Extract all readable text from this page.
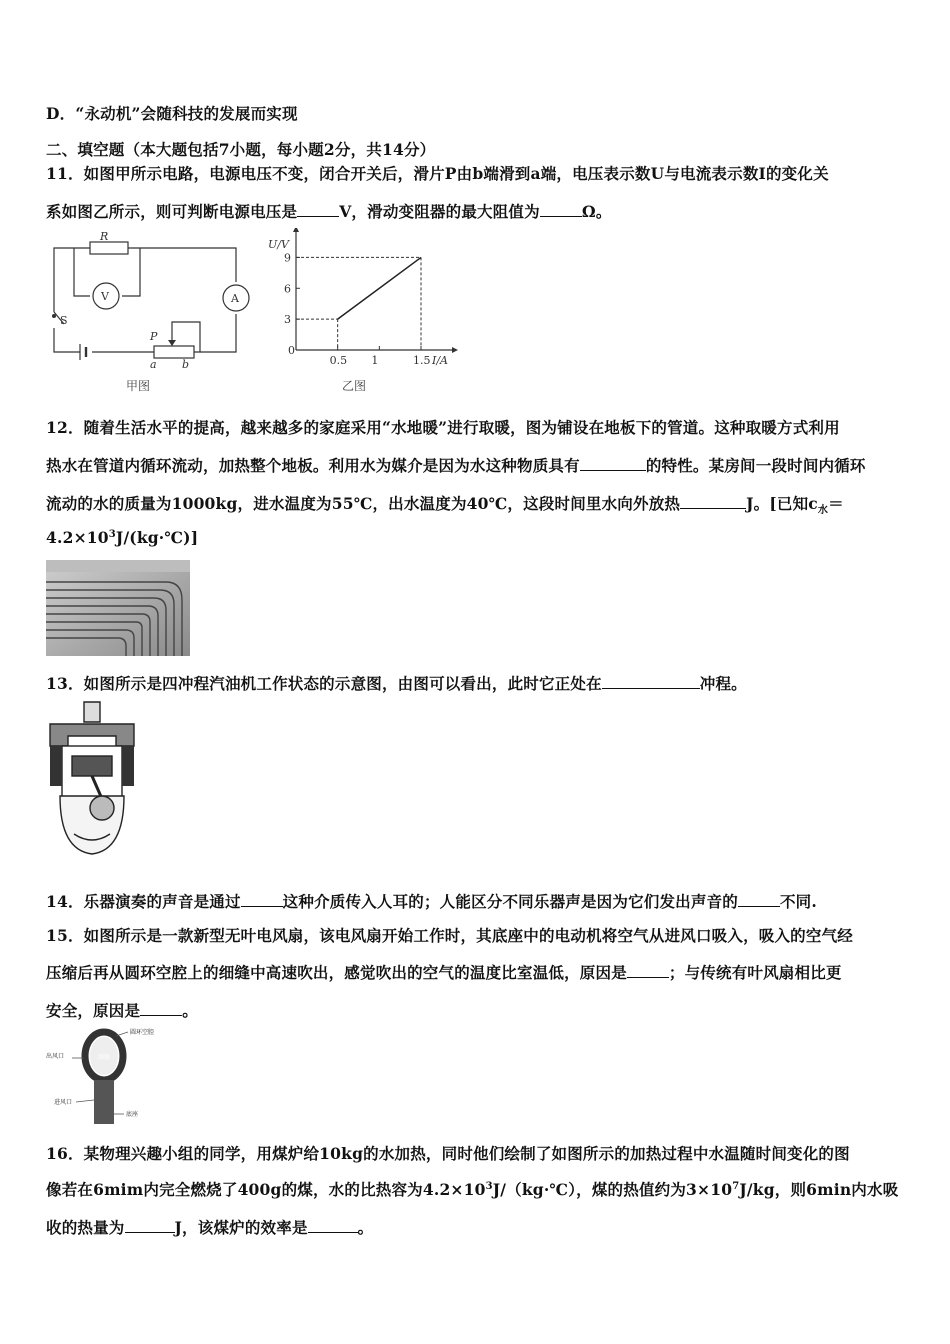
D．“永动机”会随科技的发展而实现
二、填空题（本大题包括7小题，每小题2分，共14分）
11．如图甲所示电路，电源电压不变，闭合开关后，滑片P由b端滑到a端，电压表示数U与电流表示数I的变化关
系如图乙所示，则可判断电源电压是	V，滑动变阻器的最大阻值为	Ω。
R
V	A
S
P
a b
甲图
U/V
I/A
0
乙图
0.5 1	1.5
3
6
9
12．随着生活水平的提高，越来越多的家庭采用“水地暖”进行取暖，图为铺设在地板下的管道。这种取暖方式利用
热水在管道内循环流动，加热整个地板。利用水为媒介是因为水这种物质具有	的特性。某房间一段时间内循环
流动的水的质量为1000kg，进水温度为55℃，出水温度为40℃，这段时间里水向外放热	J。[已知$c_水=$
$4.2\times 10^3J/(kg\cdot℃)$]
13．如图所示是四冲程汽油机工作状态的示意图，由图可以看出，此时它正处在	冲程。
14．乐器演奏的声音是通过	这种介质传入人耳的；人能区分不同乐器声是因为它们发出声音的	不同.
15．如图所示是一款新型无叶电风扇，该电风扇开始工作时，其底座中的电动机将空气从进风口吸入，吸入的空气经
压缩后再从圆环空腔上的细缝中高速吹出，感觉吹出的空气的温度比室温低，原因是	；与传统有叶风扇相比更
安全，原因是	。
圆环空腔
出风口	细缝
进风口
底座
16．某物理兴趣小组的同学，用煤炉给10kg的水加热，同时他们绘制了如图所示的加热过程中水温随时间变化的图
像若在6mim内完全燃烧了400g的煤，水的比热容为$4.2\times 10^3J/(kg\cdot℃)$，煤的热值约为$3\times 10^7J/kg$，则6min内水吸
收的热量为	J，该煤炉的效率是	。
